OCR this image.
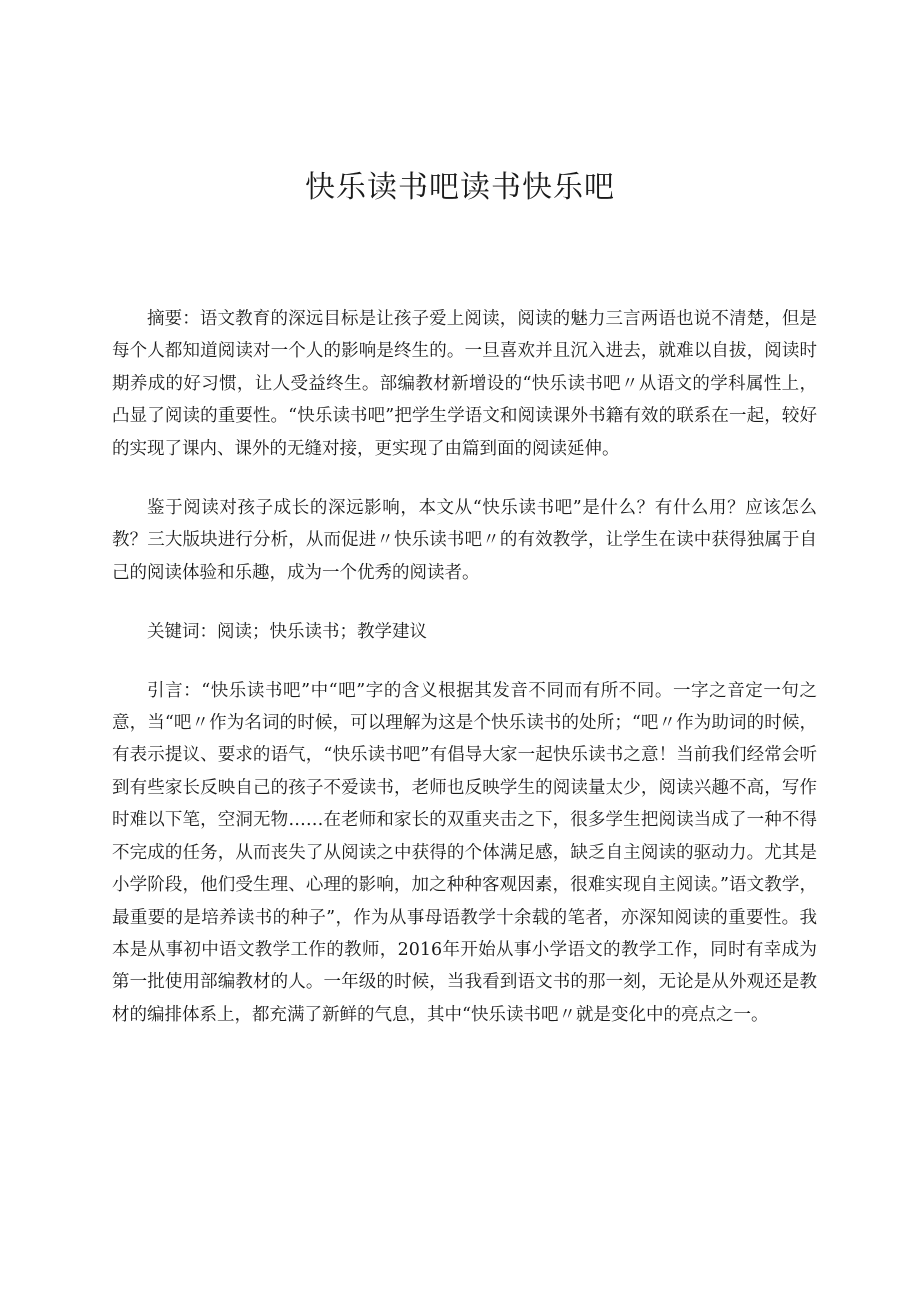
快乐读书吧读书快乐吧

摘要：语文教育的深远目标是让孩子爱上阅读，阅读的魅力三言两语也说不清楚，但是每个人都知道阅读对一个人的影响是终生的。一旦喜欢并且沉入进去，就难以自拔，阅读时期养成的好习惯，让人受益终生。部编教材新增设的“快乐读书吧〃从语文的学科属性上，凸显了阅读的重要性。“快乐读书吧”把学生学语文和阅读课外书籍有效的联系在一起，较好的实现了课内、课外的无缝对接，更实现了由篇到面的阅读延伸。

鉴于阅读对孩子成长的深远影响，本文从“快乐读书吧”是什么？有什么用？应该怎么教？三大版块进行分析，从而促进〃快乐读书吧〃的有效教学，让学生在读中获得独属于自己的阅读体验和乐趣，成为一个优秀的阅读者。

关键词：阅读；快乐读书；教学建议

引言：“快乐读书吧”中“吧”字的含义根据其发音不同而有所不同。一字之音定一句之意，当“吧〃作为名词的时候，可以理解为这是个快乐读书的处所；“吧〃作为助词的时候，有表示提议、要求的语气，“快乐读书吧”有倡导大家一起快乐读书之意！当前我们经常会听到有些家长反映自己的孩子不爱读书，老师也反映学生的阅读量太少，阅读兴趣不高，写作时难以下笔，空洞无物……在老师和家长的双重夹击之下，很多学生把阅读当成了一种不得不完成的任务，从而丧失了从阅读之中获得的个体满足感，缺乏自主阅读的驱动力。尤其是小学阶段，他们受生理、心理的影响，加之种种客观因素，很难实现自主阅读。”语文教学，最重要的是培养读书的种子”，作为从事母语教学十余载的笔者，亦深知阅读的重要性。我本是从事初中语文教学工作的教师，2016年开始从事小学语文的教学工作，同时有幸成为第一批使用部编教材的人。一年级的时候，当我看到语文书的那一刻，无论是从外观还是教材的编排体系上，都充满了新鲜的气息，其中“快乐读书吧〃就是变化中的亮点之一。
